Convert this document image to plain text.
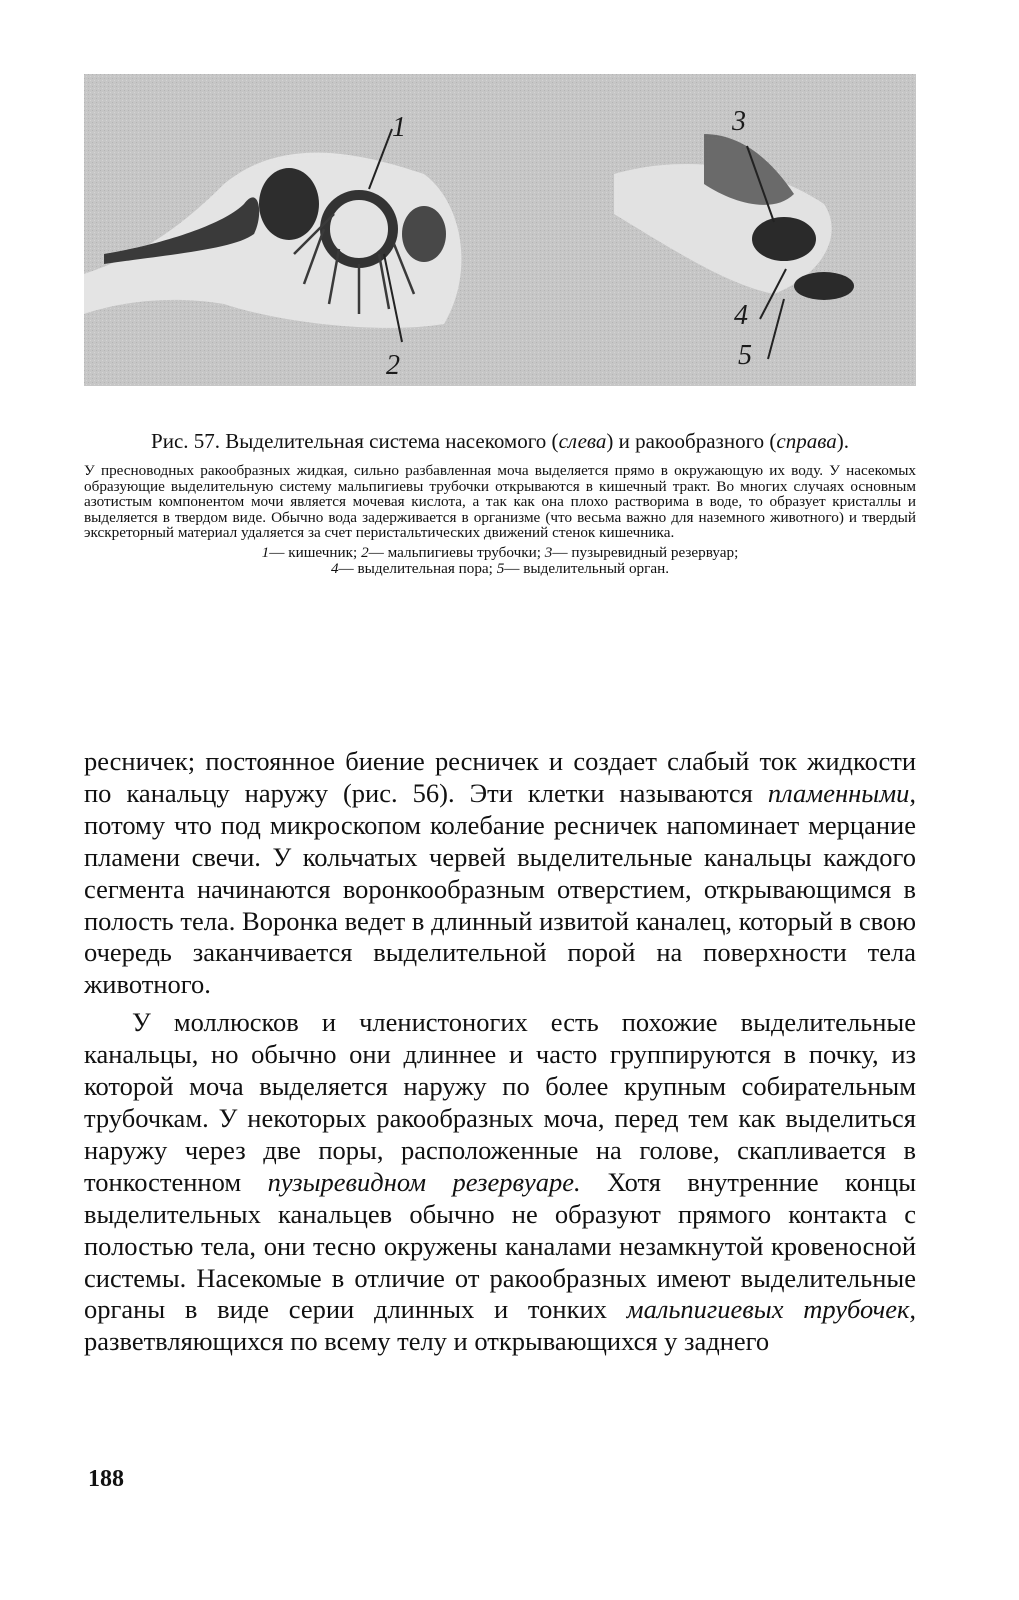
1
2
3
4
5

Рис. 57. Выделительная система насекомого (слева) и ракообразного (справа).

У пресноводных ракообразных жидкая, сильно разбавленная моча выделяется прямо в окружающую их воду. У насекомых образующие выделительную систему мальпигиевы трубочки открываются в кишечный тракт. Во многих случаях основным азотистым компонентом мочи является мочевая кислота, а так как она плохо растворима в воде, то образует кристаллы и выделяется в твердом виде. Обычно вода задерживается в организме (что весьма важно для наземного животного) и твердый экскреторный материал удаляется за счет перистальтических движений стенок кишечника.

1— кишечник; 2— мальпигиевы трубочки; 3— пузыревидный резервуар;
4— выделительная пора; 5— выделительный орган.

ресничек; постоянное биение ресничек и создает слабый ток жидкости по канальцу наружу (рис. 56). Эти клетки называются пламенными, потому что под микроскопом колебание ресничек напоминает мерцание пламени свечи. У кольчатых червей выделительные канальцы каждого сегмента начинаются воронкообразным отверстием, открывающимся в полость тела. Воронка ведет в длинный извитой каналец, который в свою очередь заканчивается выделительной порой на поверхности тела животного.

У моллюсков и членистоногих есть похожие выделительные канальцы, но обычно они длиннее и часто группируются в почку, из которой моча выделяется наружу по более крупным собирательным трубочкам. У некоторых ракообразных моча, перед тем как выделиться наружу через две поры, расположенные на голове, скапливается в тонкостенном пузыревидном резервуаре. Хотя внутренние концы выделительных канальцев обычно не образуют прямого контакта с полостью тела, они тесно окружены каналами незамкнутой кровеносной системы. Насекомые в отличие от ракообразных имеют выделительные органы в виде серии длинных и тонких мальпигиевых трубочек, разветвляющихся по всему телу и открывающихся у заднего

188
